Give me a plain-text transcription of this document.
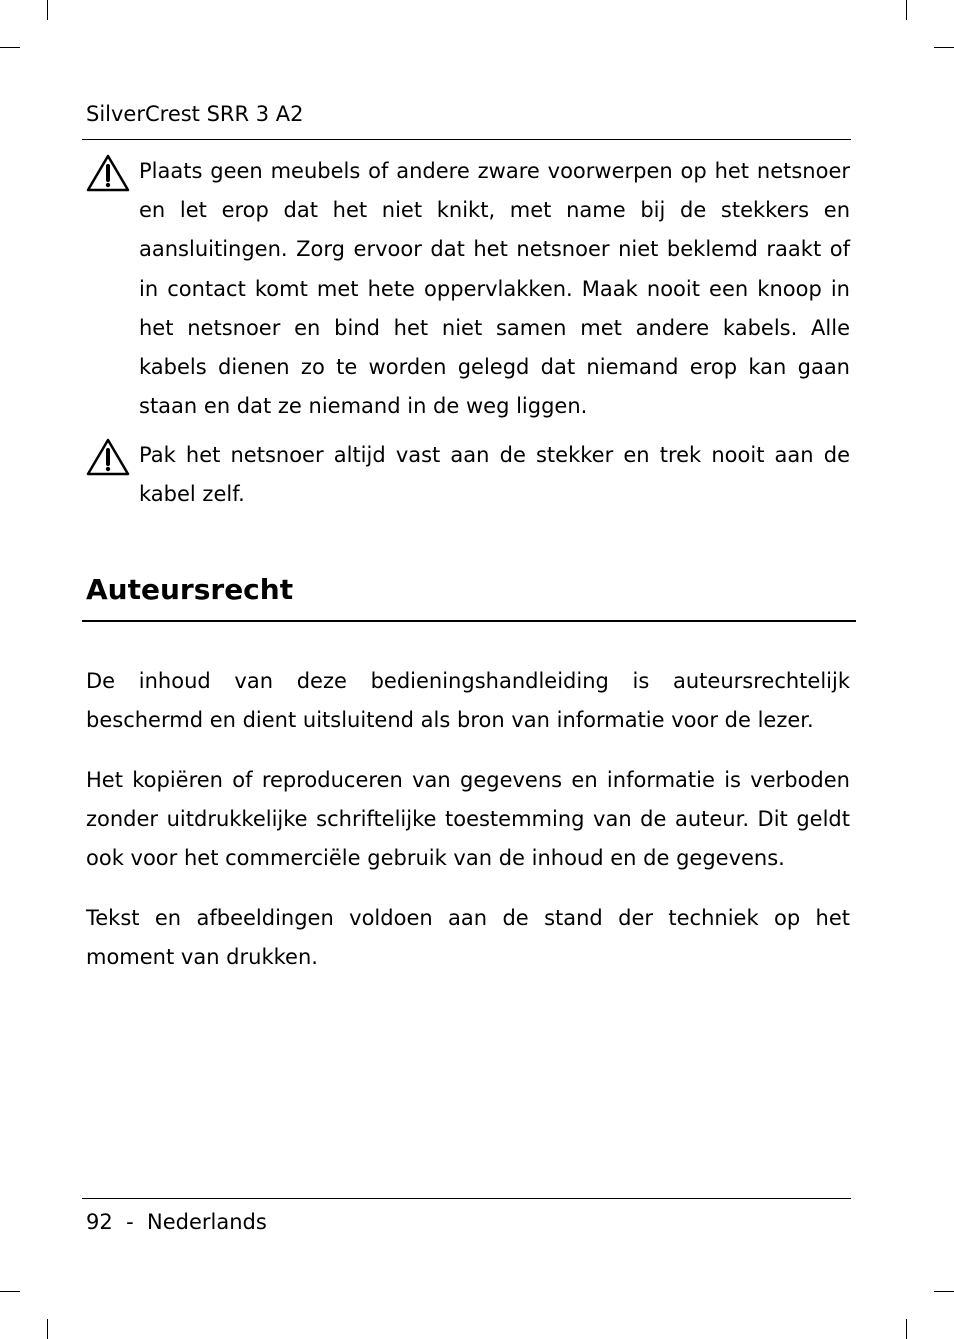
SilverCrest SRR 3 A2
Plaats geen meubels of andere zware voorwerpen op het netsnoer en let erop dat het niet knikt, met name bij de stekkers en aansluitingen. Zorg ervoor dat het netsnoer niet beklemd raakt of in contact komt met hete oppervlakken. Maak nooit een knoop in het netsnoer en bind het niet samen met andere kabels. Alle kabels dienen zo te worden gelegd dat niemand erop kan gaan staan en dat ze niemand in de weg liggen.
Pak het netsnoer altijd vast aan de stekker en trek nooit aan de kabel zelf.
Auteursrecht

De inhoud van deze bedieningshandleiding is auteursrechtelijk beschermd en dient uitsluitend als bron van informatie voor de lezer.

Het kopiëren of reproduceren van gegevens en informatie is verboden zonder uitdrukkelijke schriftelijke toestemming van de auteur. Dit geldt ook voor het commerciële gebruik van de inhoud en de gegevens.

Tekst en afbeeldingen voldoen aan de stand der techniek op het moment van drukken.

92 - Nederlands
